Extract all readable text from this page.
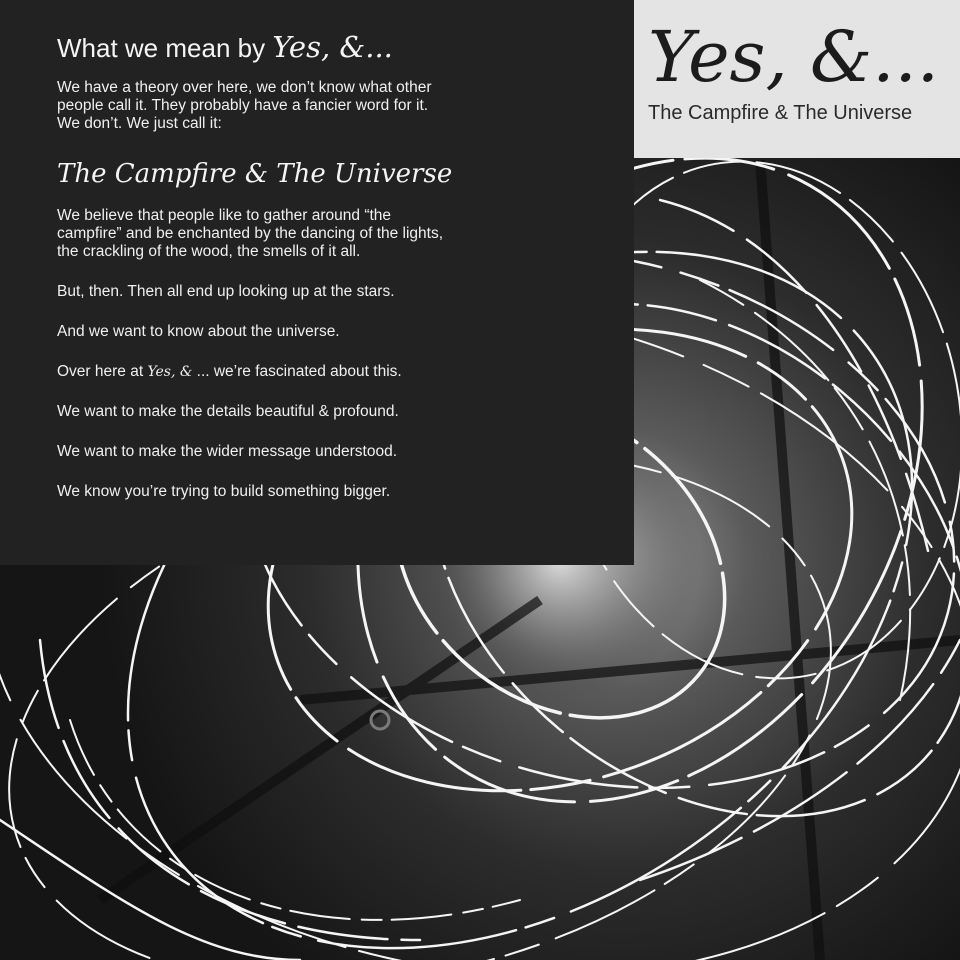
What we mean by Yes, &...

We have a theory over here, we don’t know what other people call it. They probably have a fancier word for it. We don’t. We just call it:

The Campfire & The Universe

We believe that people like to gather around “the campfire” and be enchanted by the dancing of the lights, the crackling of the wood, the smells of it all.

But, then. Then all end up looking up at the stars.

And we want to know about the universe.

Over here at Yes, & ... we’re fascinated about this.

We want to make the details beautiful & profound.

We want to make the wider message understood.

We know you’re trying to build something bigger.

Yes, &...

The Campfire & The Universe
